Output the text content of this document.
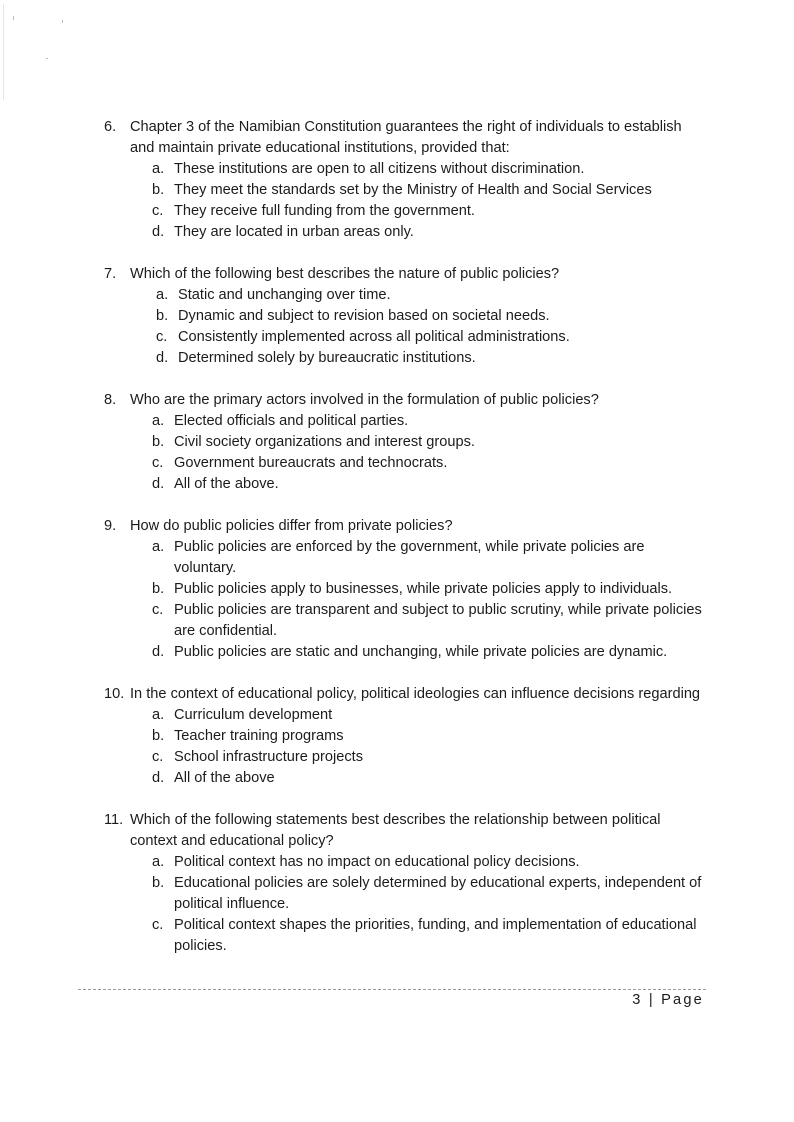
6. Chapter 3 of the Namibian Constitution guarantees the right of individuals to establish and maintain private educational institutions, provided that:
a. These institutions are open to all citizens without discrimination.
b. They meet the standards set by the Ministry of Health and Social Services
c. They receive full funding from the government.
d. They are located in urban areas only.
7. Which of the following best describes the nature of public policies?
a. Static and unchanging over time.
b. Dynamic and subject to revision based on societal needs.
c. Consistently implemented across all political administrations.
d. Determined solely by bureaucratic institutions.
8. Who are the primary actors involved in the formulation of public policies?
a. Elected officials and political parties.
b. Civil society organizations and interest groups.
c. Government bureaucrats and technocrats.
d. All of the above.
9. How do public policies differ from private policies?
a. Public policies are enforced by the government, while private policies are voluntary.
b. Public policies apply to businesses, while private policies apply to individuals.
c. Public policies are transparent and subject to public scrutiny, while private policies are confidential.
d. Public policies are static and unchanging, while private policies are dynamic.
10. In the context of educational policy, political ideologies can influence decisions regarding
a. Curriculum development
b. Teacher training programs
c. School infrastructure projects
d. All of the above
11. Which of the following statements best describes the relationship between political context and educational policy?
a. Political context has no impact on educational policy decisions.
b. Educational policies are solely determined by educational experts, independent of political influence.
c. Political context shapes the priorities, funding, and implementation of educational policies.
3 | Page
